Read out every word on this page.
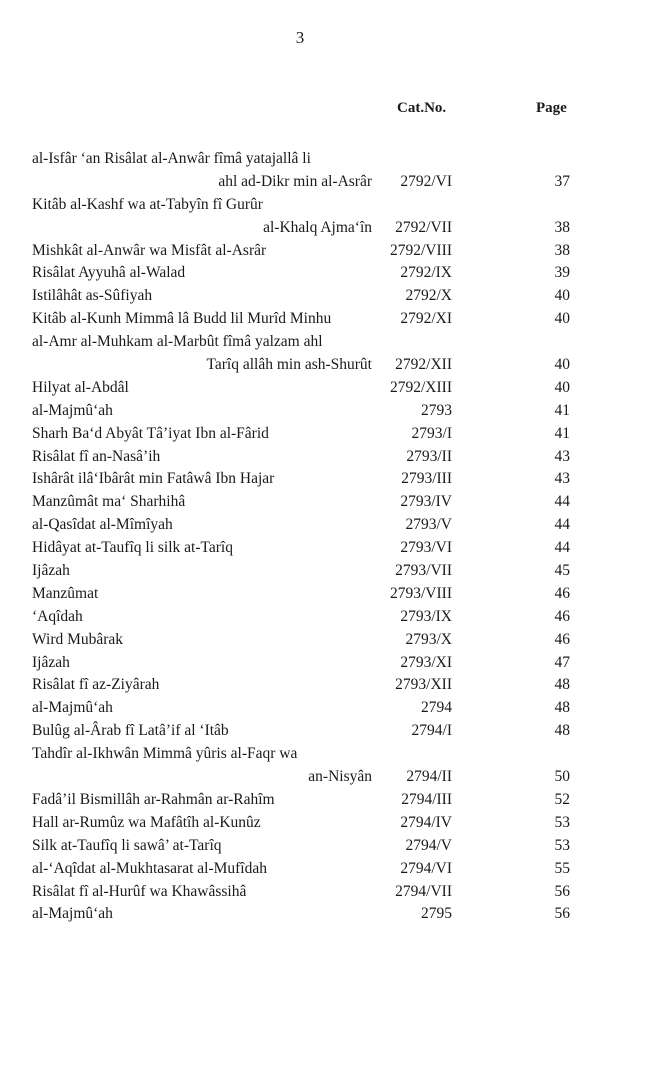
3
Cat.No.	Page
al-Isfâr ‘an Risâlat al-Anwâr fîmâ yatajallâ li
ahl ad-Dikr min al-Asrâr	2792/VI	37
Kitâb al-Kashf wa at-Tabyîn fî Gurûr
al-Khalq Ajma‘în	2792/VII	38
Mishkât al-Anwâr wa Misfât al-Asrâr	2792/VIII	38
Risâlat Ayyuhâ al-Walad	2792/IX	39
Istilâhât as-Sûfiyah	2792/X	40
Kitâb al-Kunh Mimmâ lâ Budd lil Murîd Minhu	2792/XI	40
al-Amr al-Muhkam al-Marbût fîmâ yalzam ahl
Tarîq allâh min ash-Shurût	2792/XII	40
Hilyat al-Abdâl	2792/XIII	40
al-Majmû‘ah	2793	41
Sharh Ba‘d Abyât Tâ’iyat Ibn al-Fârid	2793/I	41
Risâlat fî an-Nasâ’ih	2793/II	43
Ishârât ilâ‘Ibârât min Fatâwâ Ibn Hajar	2793/III	43
Manzûmât ma‘ Sharhihâ	2793/IV	44
al-Qasîdat al-Mîmîyah	2793/V	44
Hidâyat at-Taufîq li silk at-Tarîq	2793/VI	44
Ijâzah	2793/VII	45
Manzûmat	2793/VIII	46
‘Aqîdah	2793/IX	46
Wird Mubârak	2793/X	46
Ijâzah	2793/XI	47
Risâlat fî az-Ziyârah	2793/XII	48
al-Majmû‘ah	2794	48
Bulûg al-Ârab fî Latâ’if al ‘Itâb	2794/I	48
Tahdîr al-Ikhwân Mimmâ yûris al-Faqr wa
an-Nisyân	2794/II	50
Fadâ’il Bismillâh ar-Rahmân ar-Rahîm	2794/III	52
Hall ar-Rumûz wa Mafâtîh al-Kunûz	2794/IV	53
Silk at-Taufîq li sawâ’ at-Tarîq	2794/V	53
al-‘Aqîdat al-Mukhtasarat al-Mufîdah	2794/VI	55
Risâlat fî al-Hurûf wa Khawâssihâ	2794/VII	56
al-Majmû‘ah	2795	56
